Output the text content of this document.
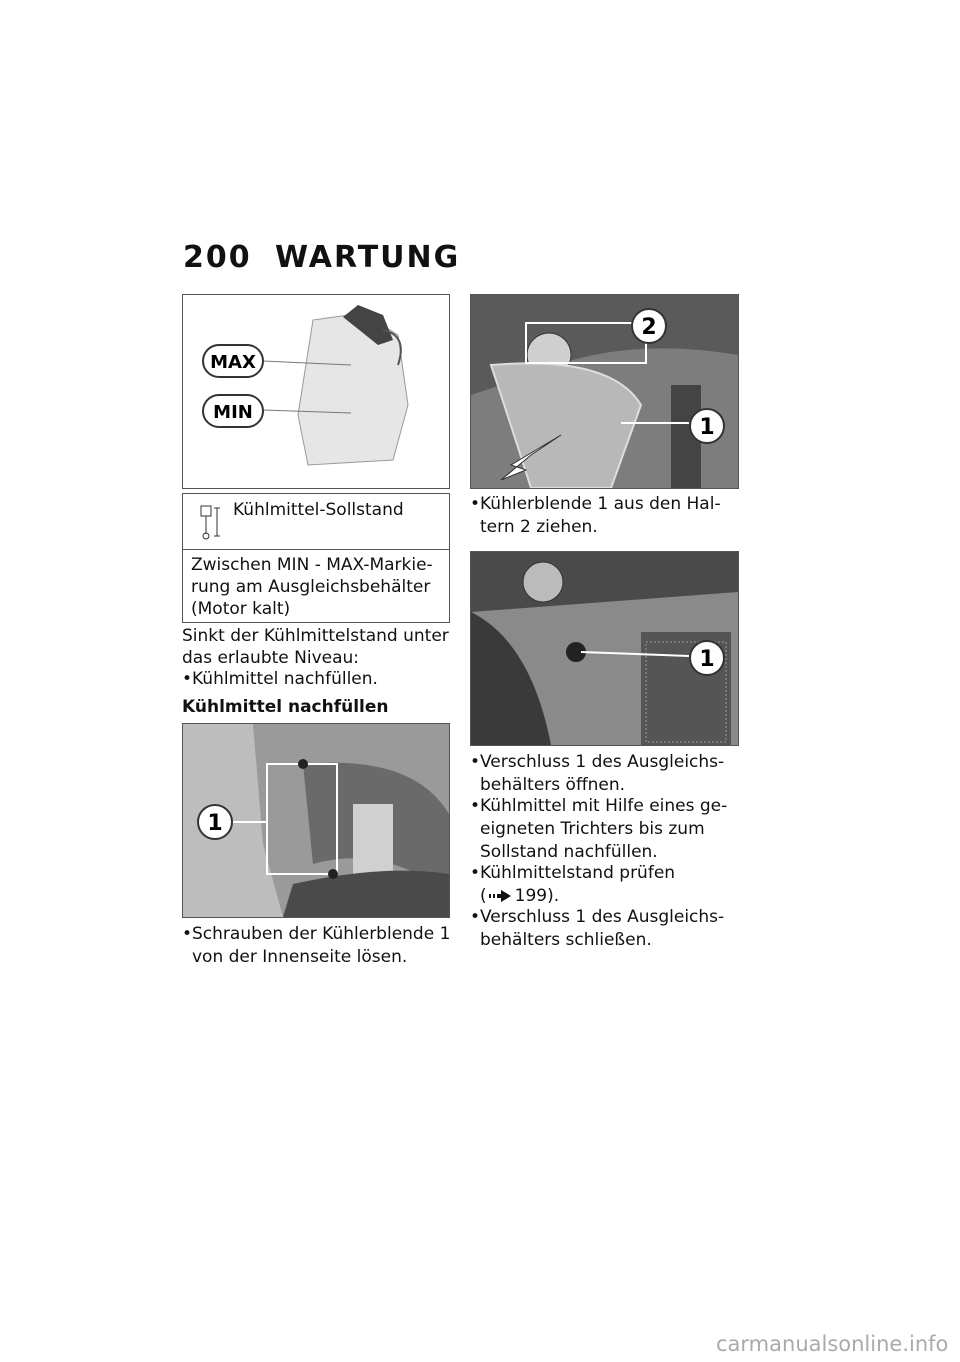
200 WARTUNG
MAX
MIN
Kühlmittel-Sollstand
Zwischen MIN - MAX-Markie-
rung am Ausgleichsbehälter
(Motor kalt)
Sinkt der Kühlmittelstand unter
das erlaubte Niveau:
• Kühlmittel nachfüllen.
Kühlmittel nachfüllen
1
• Schrauben der Kühlerblende 1
von der Innenseite lösen.
2
1
• Kühlerblende 1 aus den Hal-
tern 2 ziehen.
1
• Verschluss 1 des Ausgleichs-
behälters öffnen.
• Kühlmittel mit Hilfe eines ge-
eigneten Trichters bis zum
Sollstand nachfüllen.
• Kühlmittelstand prüfen
( 199).
• Verschluss 1 des Ausgleichs-
behälters schließen.
carmanualsonline.info
